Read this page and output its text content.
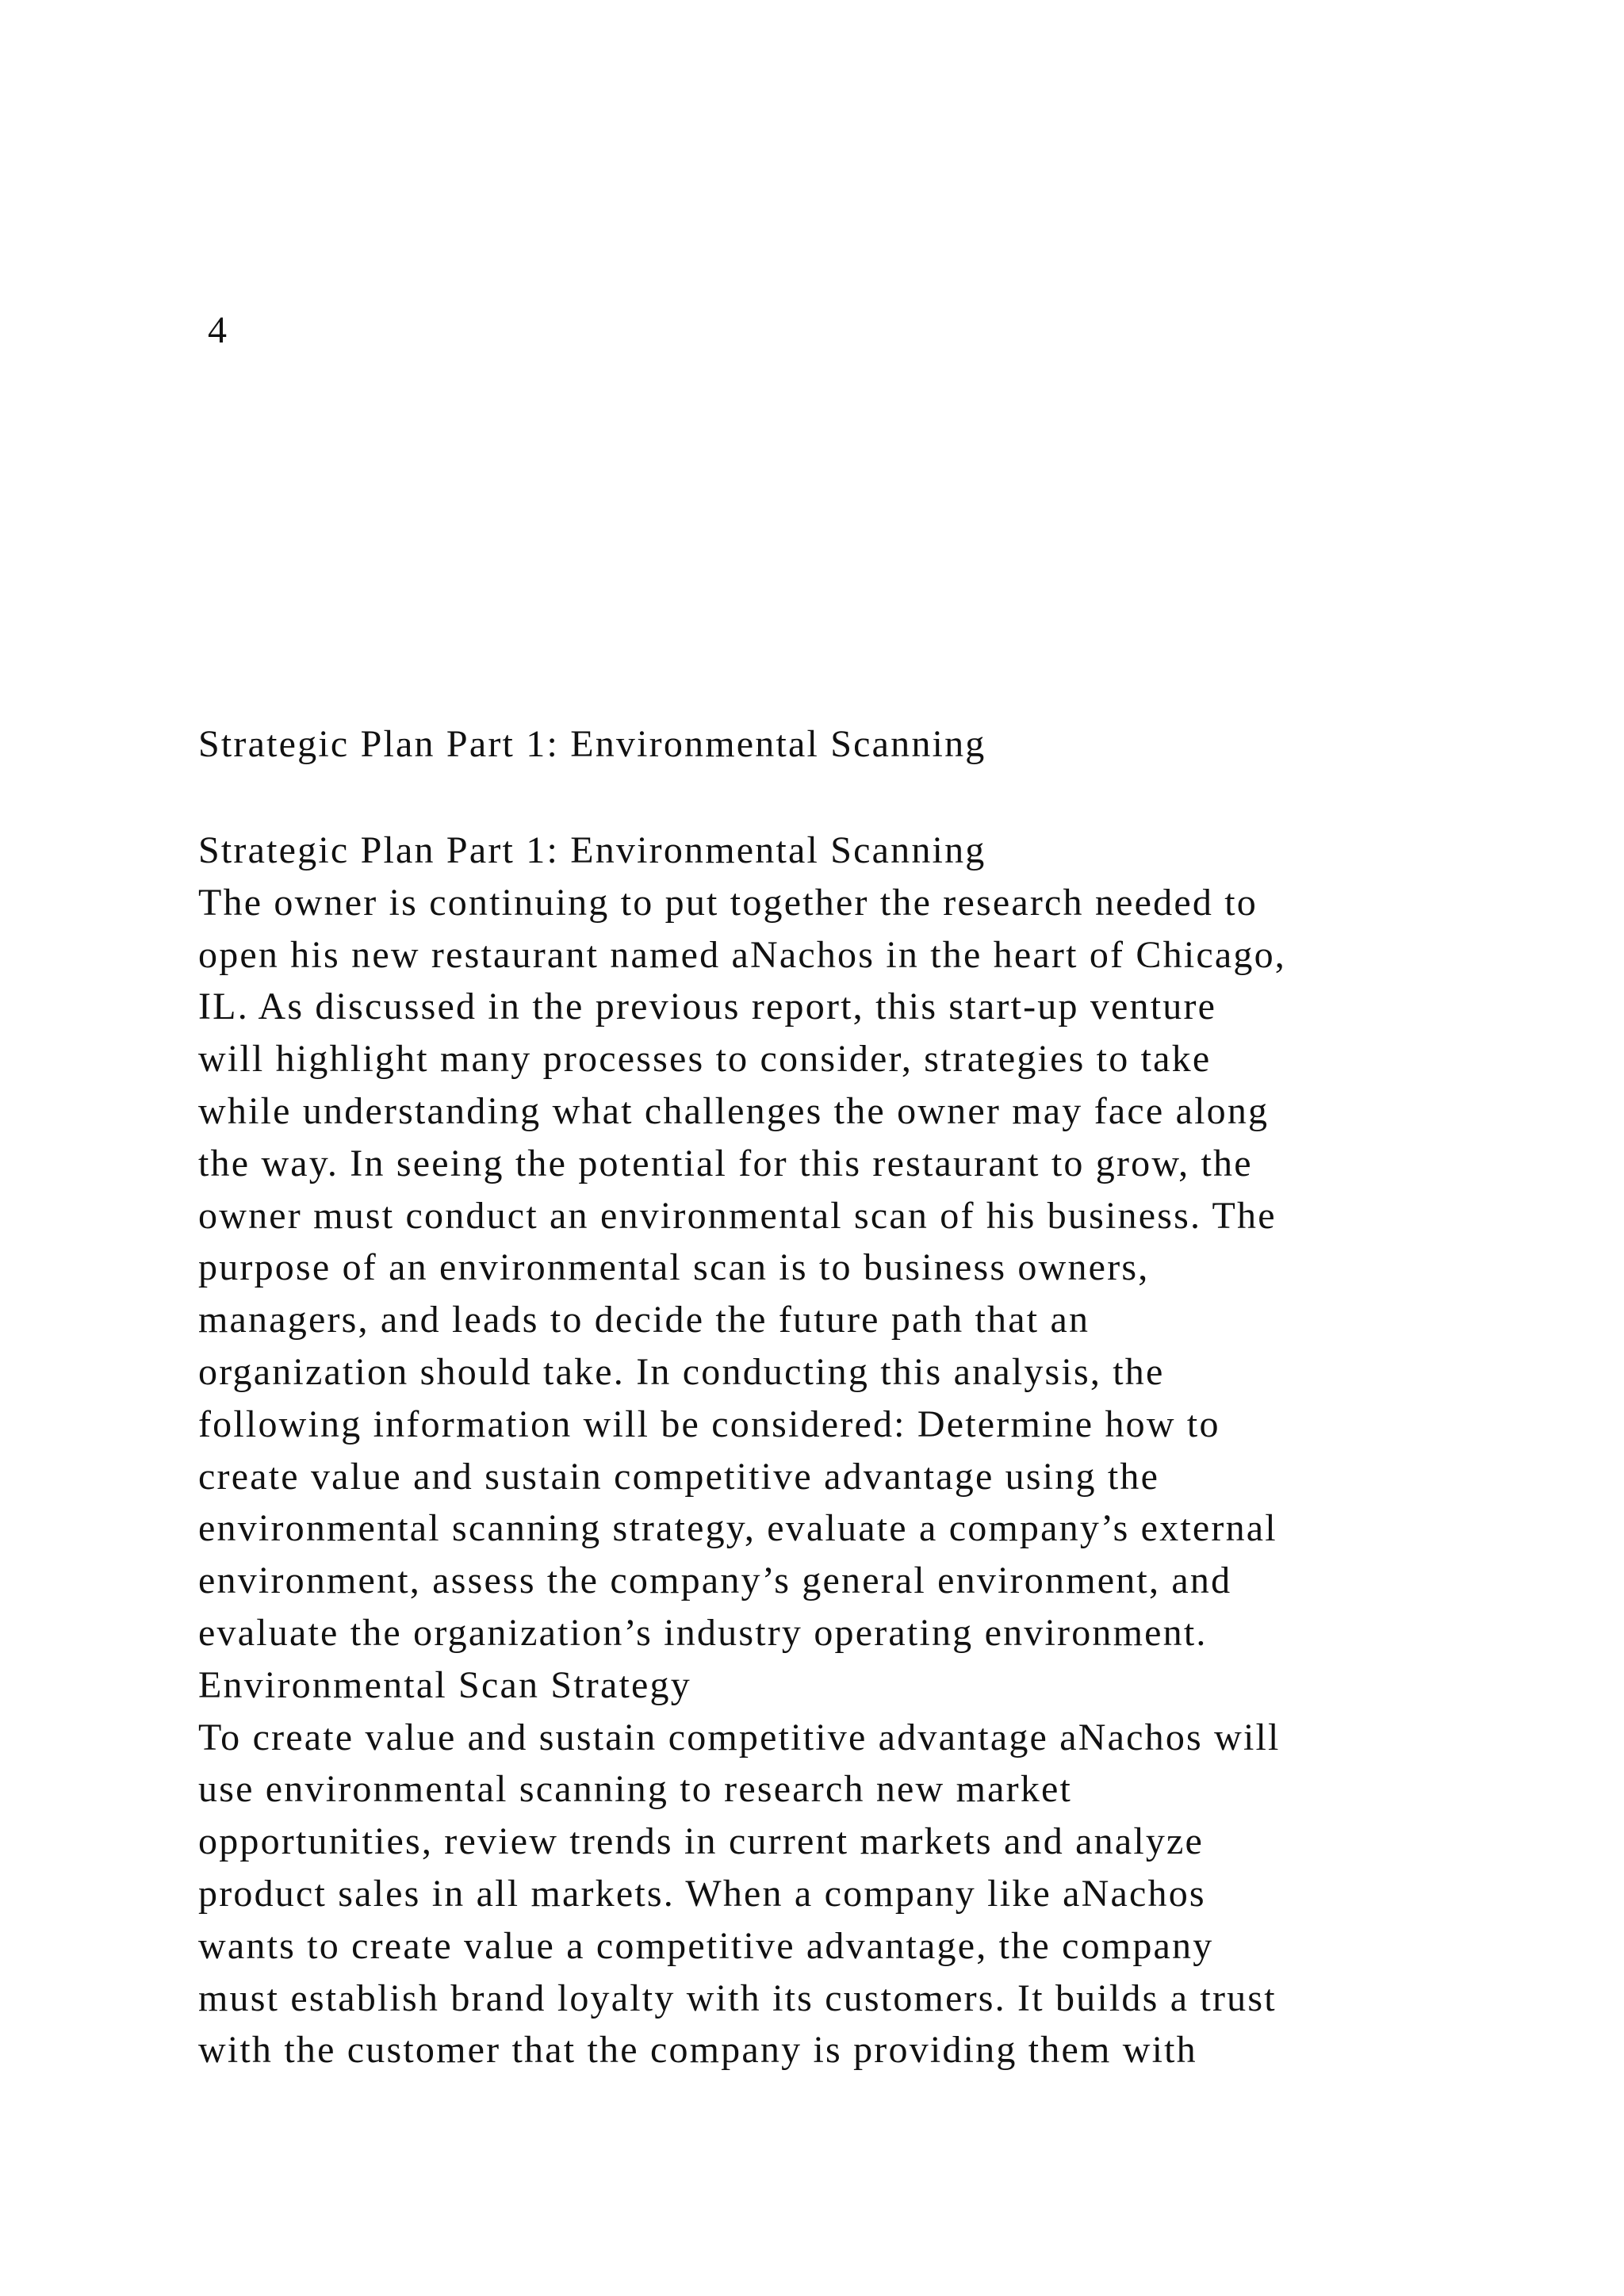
4
Strategic Plan Part 1: Environmental Scanning
Strategic Plan Part 1: Environmental Scanning
The owner is continuing to put together the research needed to
open his new restaurant named aNachos in the heart of Chicago,
IL. As discussed in the previous report, this start-up venture
will highlight many processes to consider, strategies to take
while understanding what challenges the owner may face along
the way. In seeing the potential for this restaurant to grow, the
owner must conduct an environmental scan of his business. The
purpose of an environmental scan is to business owners,
managers, and leads to decide the future path that an
organization should take. In conducting this analysis, the
following information will be considered: Determine how to
create value and sustain competitive advantage using the
environmental scanning strategy, evaluate a company’s external
environment, assess the company’s general environment, and
evaluate the organization’s industry operating environment.
Environmental Scan Strategy
To create value and sustain competitive advantage aNachos will
use environmental scanning to research new market
opportunities, review trends in current markets and analyze
product sales in all markets. When a company like aNachos
wants to create value a competitive advantage, the company
must establish brand loyalty with its customers. It builds a trust
with the customer that the company is providing them with
